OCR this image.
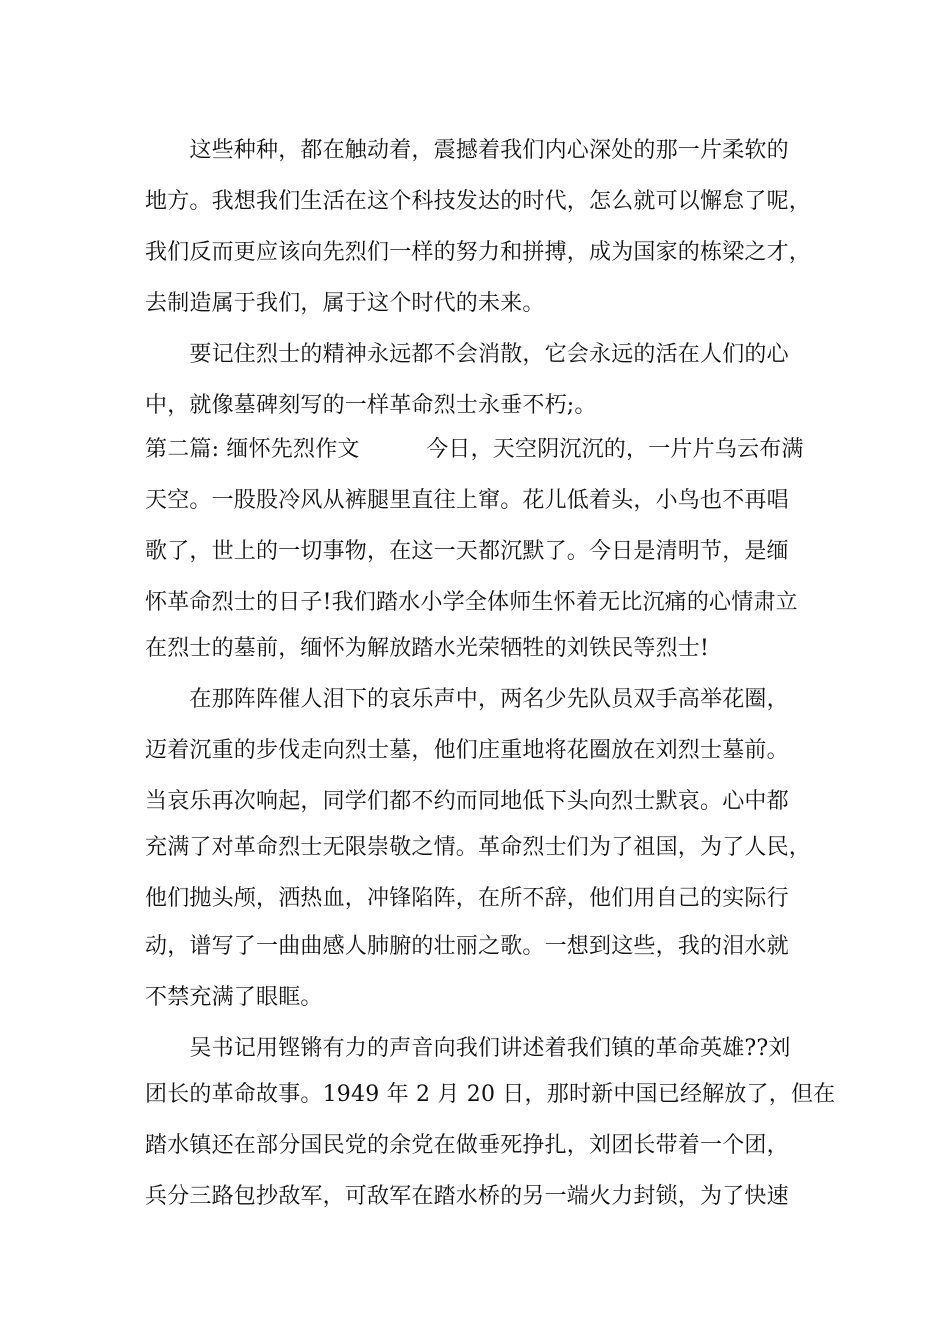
　　这些种种，都在触动着，震撼着我们内心深处的那一片柔软的
地方。我想我们生活在这个科技发达的时代，怎么就可以懈怠了呢，
我们反而更应该向先烈们一样的努力和拼搏，成为国家的栋梁之才，
去制造属于我们，属于这个时代的未来。
　　要记住烈士的精神永远都不会消散，它会永远的活在人们的心
中，就像墓碑刻写的一样革命烈士永垂不朽;。
第二篇: 缅怀先烈作文　　　今日，天空阴沉沉的，一片片乌云布满
天空。一股股冷风从裤腿里直往上窜。花儿低着头，小鸟也不再唱
歌了，世上的一切事物，在这一天都沉默了。今日是清明节，是缅
怀革命烈士的日子!我们踏水小学全体师生怀着无比沉痛的心情肃立
在烈士的墓前，缅怀为解放踏水光荣牺牲的刘铁民等烈士!
　　在那阵阵催人泪下的哀乐声中，两名少先队员双手高举花圈，
迈着沉重的步伐走向烈士墓，他们庄重地将花圈放在刘烈士墓前。
当哀乐再次响起，同学们都不约而同地低下头向烈士默哀。心中都
充满了对革命烈士无限崇敬之情。革命烈士们为了祖国，为了人民，
他们抛头颅，洒热血，冲锋陷阵，在所不辞，他们用自己的实际行
动，谱写了一曲曲感人肺腑的壮丽之歌。一想到这些，我的泪水就
不禁充满了眼眶。
　　吴书记用铿锵有力的声音向我们讲述着我们镇的革命英雄??刘
团长的革命故事。1949 年 2 月 20 日，那时新中国已经解放了，但在
踏水镇还在部分国民党的余党在做垂死挣扎，刘团长带着一个团，
兵分三路包抄敌军，可敌军在踏水桥的另一端火力封锁，为了快速
